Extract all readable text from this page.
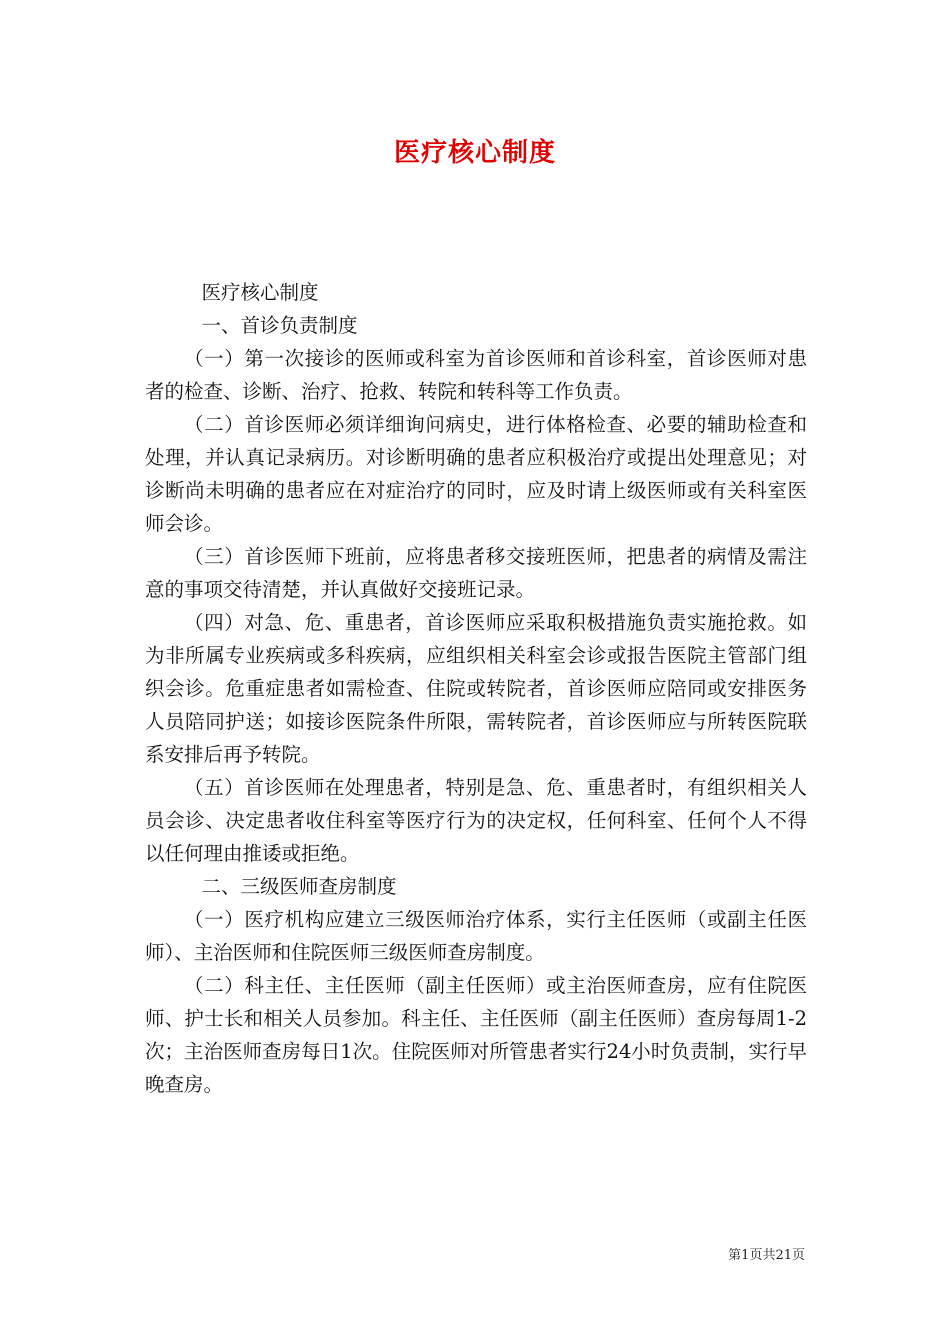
医疗核心制度

医疗核心制度

一、首诊负责制度

（一）第一次接诊的医师或科室为首诊医师和首诊科室，首诊医师对患者的检查、诊断、治疗、抢救、转院和转科等工作负责。

（二）首诊医师必须详细询问病史，进行体格检查、必要的辅助检查和处理，并认真记录病历。对诊断明确的患者应积极治疗或提出处理意见；对诊断尚未明确的患者应在对症治疗的同时，应及时请上级医师或有关科室医师会诊。

（三）首诊医师下班前，应将患者移交接班医师，把患者的病情及需注意的事项交待清楚，并认真做好交接班记录。

（四）对急、危、重患者，首诊医师应采取积极措施负责实施抢救。如为非所属专业疾病或多科疾病，应组织相关科室会诊或报告医院主管部门组织会诊。危重症患者如需检查、住院或转院者，首诊医师应陪同或安排医务人员陪同护送；如接诊医院条件所限，需转院者，首诊医师应与所转医院联系安排后再予转院。

（五）首诊医师在处理患者，特别是急、危、重患者时，有组织相关人员会诊、决定患者收住科室等医疗行为的决定权，任何科室、任何个人不得以任何理由推诿或拒绝。

二、三级医师查房制度

（一）医疗机构应建立三级医师治疗体系，实行主任医师（或副主任医师）、主治医师和住院医师三级医师查房制度。

（二）科主任、主任医师（副主任医师）或主治医师查房，应有住院医师、护士长和相关人员参加。科主任、主任医师（副主任医师）查房每周1-2次；主治医师查房每日1次。住院医师对所管患者实行24小时负责制，实行早晚查房。

第1页共21页
